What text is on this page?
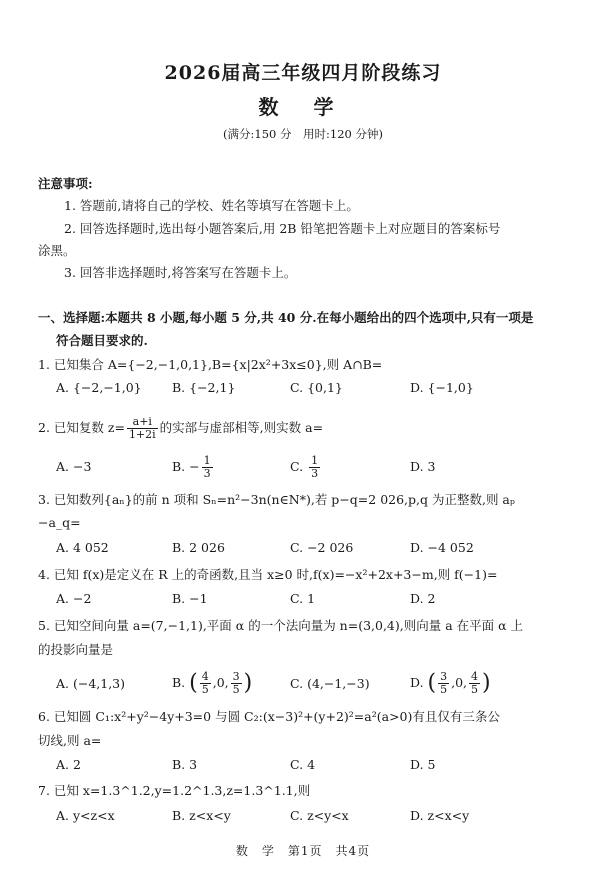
2026届高三年级四月阶段练习
数 学
(满分:150 分　用时:120 分钟)
注意事项:
1. 答题前,请将自己的学校、姓名等填写在答题卡上。
2. 回答选择题时,选出每小题答案后,用 2B 铅笔把答题卡上对应题目的答案标号
涂黑。
3. 回答非选择题时,将答案写在答题卡上。
一、选择题:本题共 8 小题,每小题 5 分,共 40 分.在每小题给出的四个选项中,只有一项是
符合题目要求的.
1. 已知集合 A={−2,−1,0,1},B={x|2x²+3x≤0},则 A∩B=
A. {−2,−1,0} B. {−2,1}	C. {0,1}	D. {−1,0}
2. 已知复数 $z= \frac{a+i}{1+2i}$ 的实部与虚部相等,则实数 a=
A. −3	B. − $\frac{1}{3}$	C. $\frac{1}{3}$	D. 3
3. 已知数列{aₙ}的前 n 项和 Sₙ=n²−3n(n∈N*),若 p−q=2 026,p,q 为正整数,则 aₚ
−a_q=
A. 4 052	B. 2 026	C. −2 026	D. −4 052
4. 已知 f(x)是定义在 R 上的奇函数,且当 x≥0 时,f(x)=−x²+2x+3−m,则 f(−1)=
A. −2	B. −1	C. 1	D. 2
5. 已知空间向量 a=(7,−1,1),平面 α 的一个法向量为 n=(3,0,4),则向量 a 在平面 α 上
的投影向量是
A. (−4,1,3)	B. ( $\frac{4}{5} ,0$, $\frac{3}{5}$ )	C. (4,−1,−3)	D. ( $\frac{3}{5} ,0$, $\frac{4}{5}$ )
6. 已知圆 C₁:x²+y²−4y+3=0 与圆 C₂:(x−3)²+(y+2)²=a²(a>0)有且仅有三条公
切线,则 a=
A. 2	B. 3	C. 4	D. 5
7. 已知 x=1.3^1.2,y=1.2^1.3,z=1.3^1.1,则
A. y<z<x	B. z<x<y	C. z<y<x	D. z<x<y
数　学　第1页　共4页
